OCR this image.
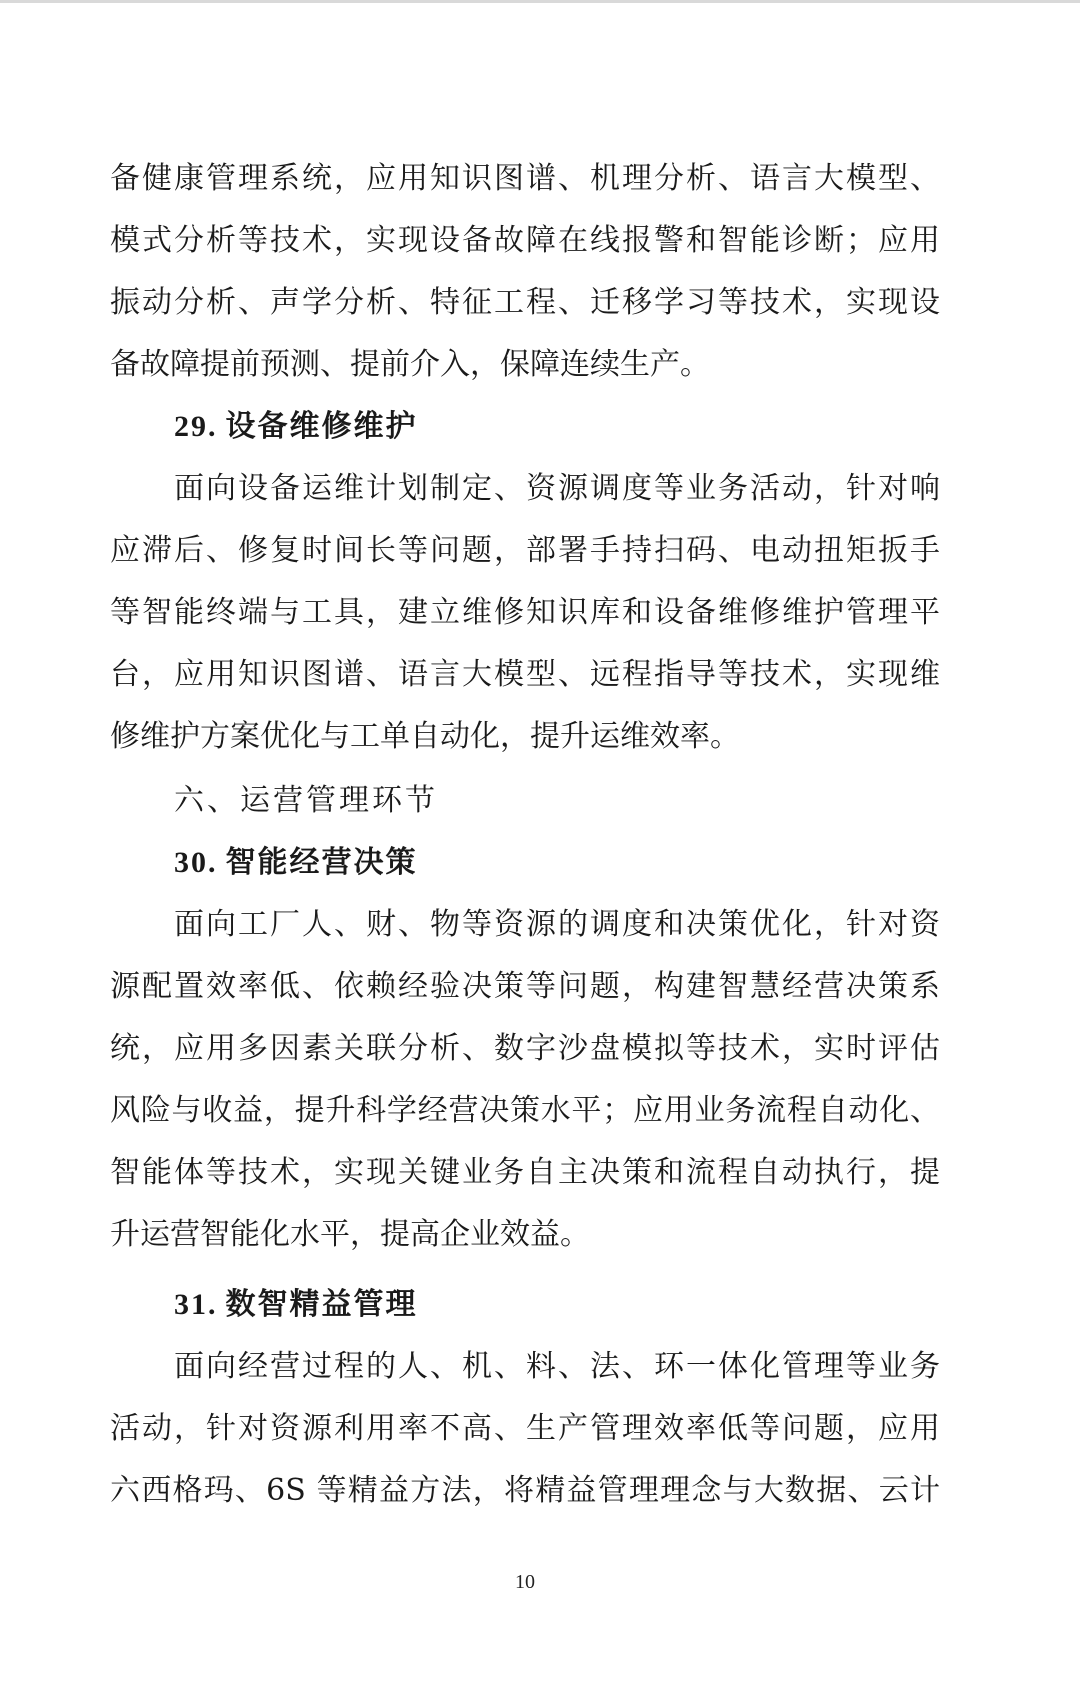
备健康管理系统，应用知识图谱、机理分析、语言大模型、
模式分析等技术，实现设备故障在线报警和智能诊断；应用
振动分析、声学分析、特征工程、迁移学习等技术，实现设
备故障提前预测、提前介入，保障连续生产。
29. 设备维修维护
面向设备运维计划制定、资源调度等业务活动，针对响
应滞后、修复时间长等问题，部署手持扫码、电动扭矩扳手
等智能终端与工具，建立维修知识库和设备维修维护管理平
台，应用知识图谱、语言大模型、远程指导等技术，实现维
修维护方案优化与工单自动化，提升运维效率。
六、运营管理环节
30. 智能经营决策
面向工厂人、财、物等资源的调度和决策优化，针对资
源配置效率低、依赖经验决策等问题，构建智慧经营决策系
统，应用多因素关联分析、数字沙盘模拟等技术，实时评估
风险与收益，提升科学经营决策水平；应用业务流程自动化、
智能体等技术，实现关键业务自主决策和流程自动执行，提
升运营智能化水平，提高企业效益。
31. 数智精益管理
面向经营过程的人、机、料、法、环一体化管理等业务
活动，针对资源利用率不高、生产管理效率低等问题，应用
六西格玛、6S 等精益方法，将精益管理理念与大数据、云计
10
